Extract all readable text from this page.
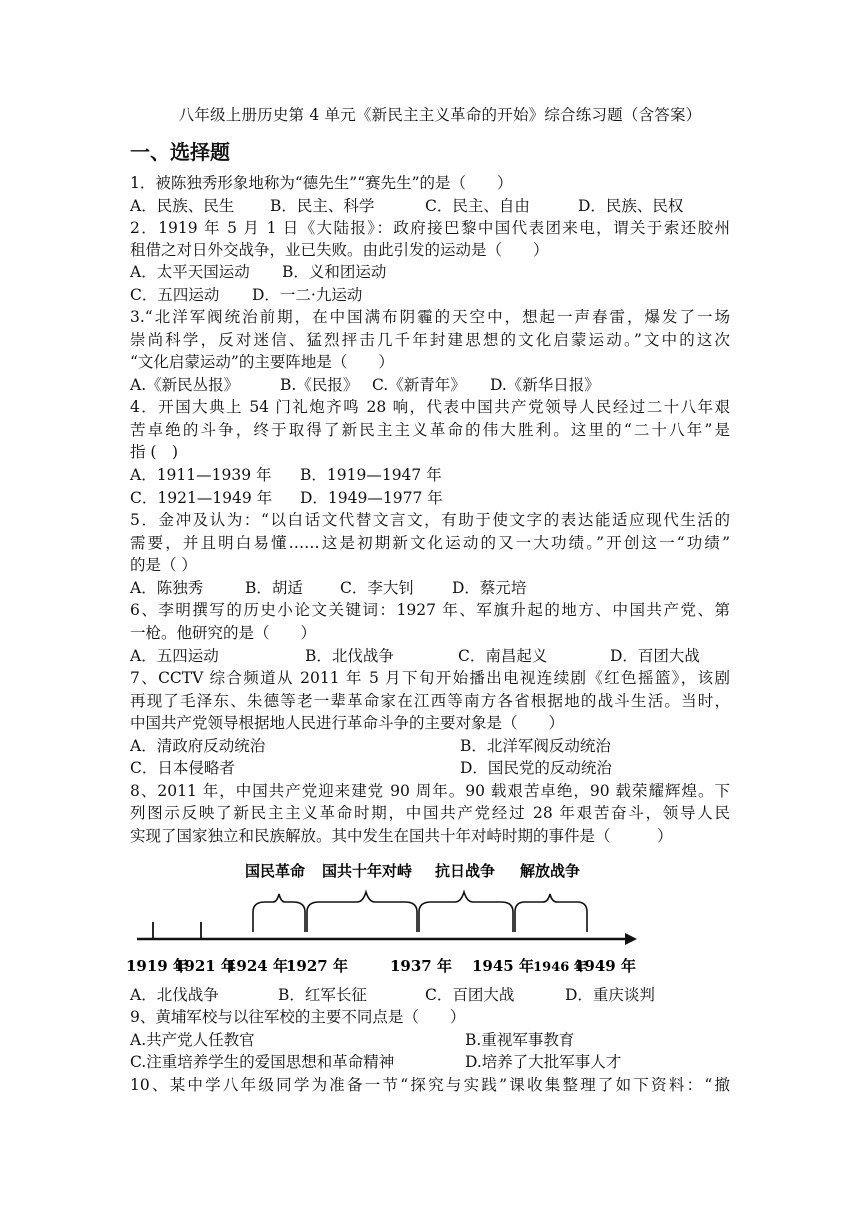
八年级上册历史第 4 单元《新民主主义革命的开始》综合练习题（含答案）
一、选择题
1．被陈独秀形象地称为“德先生”“赛先生”的是（　　）
A．民族、民生 B．民主、科学	C．民主、自由	D．民族、民权
2．1919 年 5 月 1 日《大陆报》：政府接巴黎中国代表团来电，谓关于索还胶州
租借之对日外交战争，业已失败。由此引发的运动是（　　）
A．太平天国运动 B．义和团运动
C．五四运动 D．一二·九运动
3.“北洋军阀统治前期，在中国满布阴霾的天空中，想起一声春雷，爆发了一场
崇尚科学，反对迷信、猛烈抨击几千年封建思想的文化启蒙运动。”文中的这次
“文化启蒙运动”的主要阵地是（　　）
A.《新民丛报》	B.《民报》 C.《新青年》 D.《新华日报》
4．开国大典上 54 门礼炮齐鸣 28 响，代表中国共产党领导人民经过二十八年艰
苦卓绝的斗争，终于取得了新民主主义革命的伟大胜利。这里的“二十八年”是
指 (　)
A．1911—1939 年 B．1919—1947 年
C．1921—1949 年 D．1949—1977 年
5．金冲及认为：“以白话文代替文言文，有助于使文字的表达能适应现代生活的
需要，并且明白易懂……这是初期新文化运动的又一大功绩。”开创这一“功绩”
的是（ ）
A．陈独秀	B．胡适 C．李大钊 D．蔡元培
6、李明撰写的历史小论文关键词：1927 年、军旗升起的地方、中国共产党、第
一枪。他研究的是（　　）
A．五四运动	B．北伐战争	C．南昌起义	D．百团大战
7、CCTV 综合频道从 2011 年 5 月下旬开始播出电视连续剧《红色摇篮》，该剧
再现了毛泽东、朱德等老一辈革命家在江西等南方各省根据地的战斗生活。当时，
中国共产党领导根据地人民进行革命斗争的主要对象是（　　）
A．清政府反动统治	B．北洋军阀反动统治
C．日本侵略者	D．国民党的反动统治
8、2011 年，中国共产党迎来建党 90 周年。90 载艰苦卓绝，90 载荣耀辉煌。下
列图示反映了新民主主义革命时期，中国共产党经过 28 年艰苦奋斗，领导人民
实现了国家独立和民族解放。其中发生在国共十年对峙时期的事件是（　　　）
国民革命 国共十年对峙 抗日战争 解放战争
1919 年
1921 年
1924 年
1927 年	1937 年 1945 年 1946 年
1949 年
A．北伐战争	B．红军长征	C．百团大战	D．重庆谈判
9、黄埔军校与以往军校的主要不同点是（　　）
A.共产党人任教官	B.重视军事教育
C.注重培养学生的爱国思想和革命精神	D.培养了大批军事人才
10、某中学八年级同学为准备一节“探究与实践”课收集整理了如下资料：“撤
